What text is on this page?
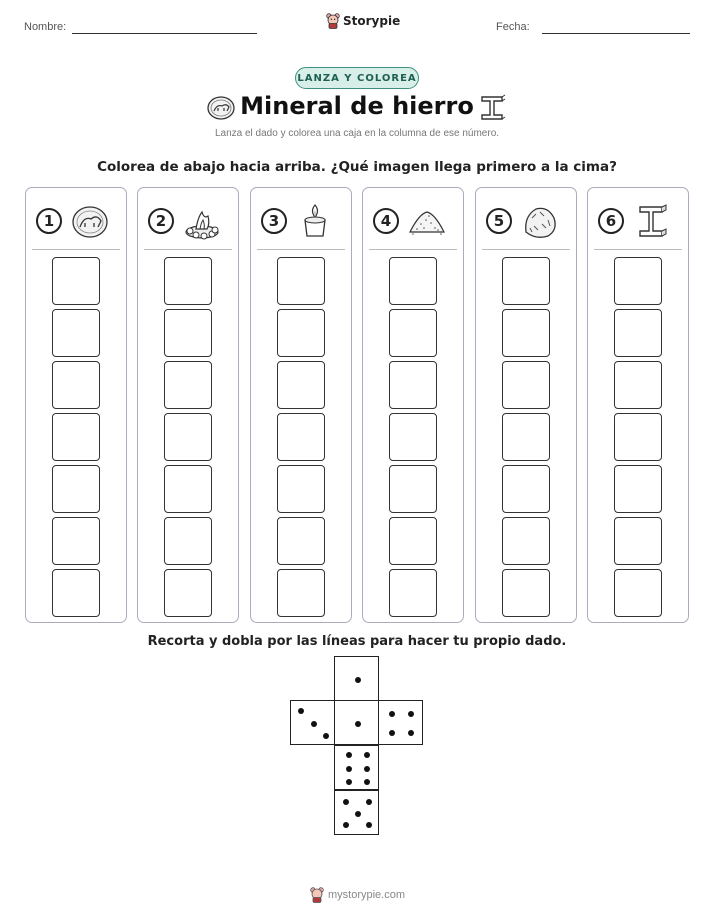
Nombre:	Storypie	Fecha:
LANZA Y COLOREA
Mineral de hierro
Lanza el dado y colorea una caja en la columna de ese número.
Colorea de abajo hacia arriba. ¿Qué imagen llega primero a la cima?
1	2	3	4	5	6
Recorta y dobla por las líneas para hacer tu propio dado.
mystorypie.com
